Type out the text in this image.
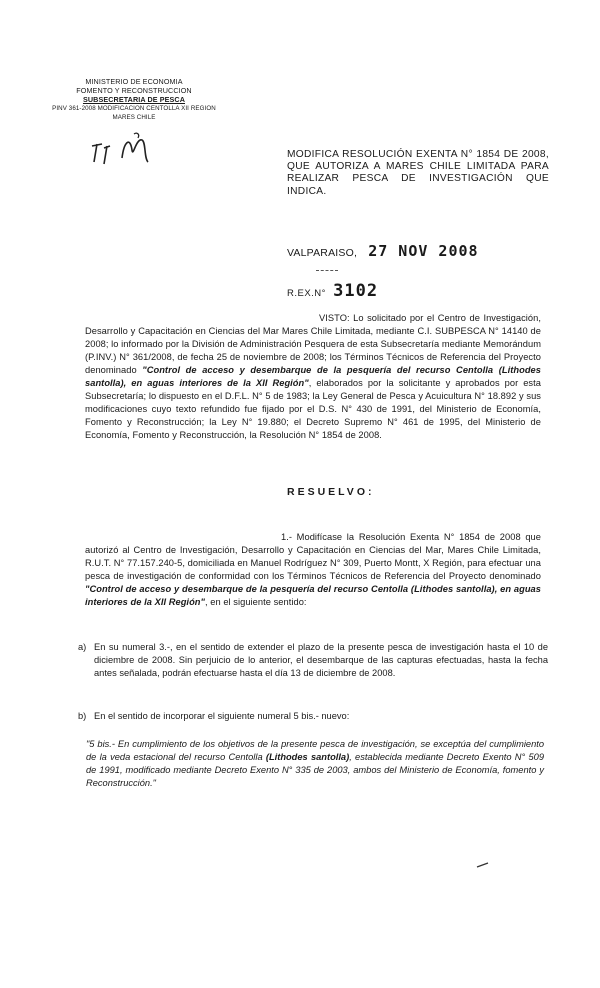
MINISTERIO DE ECONOMIA
FOMENTO Y RECONSTRUCCION
SUBSECRETARIA DE PESCA
PINV 361-2008 MODIFICACION CENTOLLA XII REGION
MARES CHILE
MODIFICA RESOLUCIÓN EXENTA N° 1854 DE 2008, QUE AUTORIZA A MARES CHILE LIMITADA PARA REALIZAR PESCA DE INVESTIGACIÓN QUE INDICA.
VALPARAISO, 27 NOV 2008
R.EX.N° 3102
VISTO: Lo solicitado por el Centro de Investigación, Desarrollo y Capacitación en Ciencias del Mar Mares Chile Limitada, mediante C.I. SUBPESCA N° 14140 de 2008; lo informado por la División de Administración Pesquera de esta Subsecretaría mediante Memorándum (P.INV.) N° 361/2008, de fecha 25 de noviembre de 2008; los Términos Técnicos de Referencia del Proyecto denominado "Control de acceso y desembarque de la pesquería del recurso Centolla (Lithodes santolla), en aguas interiores de la XII Región", elaborados por la solicitante y aprobados por esta Subsecretaría; lo dispuesto en el D.F.L. N° 5 de 1983; la Ley General de Pesca y Acuicultura N° 18.892 y sus modificaciones cuyo texto refundido fue fijado por el D.S. N° 430 de 1991, del Ministerio de Economía, Fomento y Reconstrucción; la Ley N° 19.880; el Decreto Supremo N° 461 de 1995, del Ministerio de Economía, Fomento y Reconstrucción, la Resolución N° 1854 de 2008.
RESUELVO:
1.- Modifícase la Resolución Exenta N° 1854 de 2008 que autorizó al Centro de Investigación, Desarrollo y Capacitación en Ciencias del Mar, Mares Chile Limitada, R.U.T. N° 77.157.240-5, domiciliada en Manuel Rodríguez N° 309, Puerto Montt, X Región, para efectuar una pesca de investigación de conformidad con los Términos Técnicos de Referencia del Proyecto denominado "Control de acceso y desembarque de la pesquería del recurso Centolla (Lithodes santolla), en aguas interiores de la XII Región", en el siguiente sentido:
a) En su numeral 3.-, en el sentido de extender el plazo de la presente pesca de investigación hasta el 10 de diciembre de 2008. Sin perjuicio de lo anterior, el desembarque de las capturas efectuadas, hasta la fecha antes señalada, podrán efectuarse hasta el día 13 de diciembre de 2008.
b) En el sentido de incorporar el siguiente numeral 5 bis.- nuevo:
"5 bis.- En cumplimiento de los objetivos de la presente pesca de investigación, se exceptúa del cumplimiento de la veda estacional del recurso Centolla (Lithodes santolla), establecida mediante Decreto Exento N° 509 de 1991, modificado mediante Decreto Exento N° 335 de 2003, ambos del Ministerio de Economía, fomento y Reconstrucción."
